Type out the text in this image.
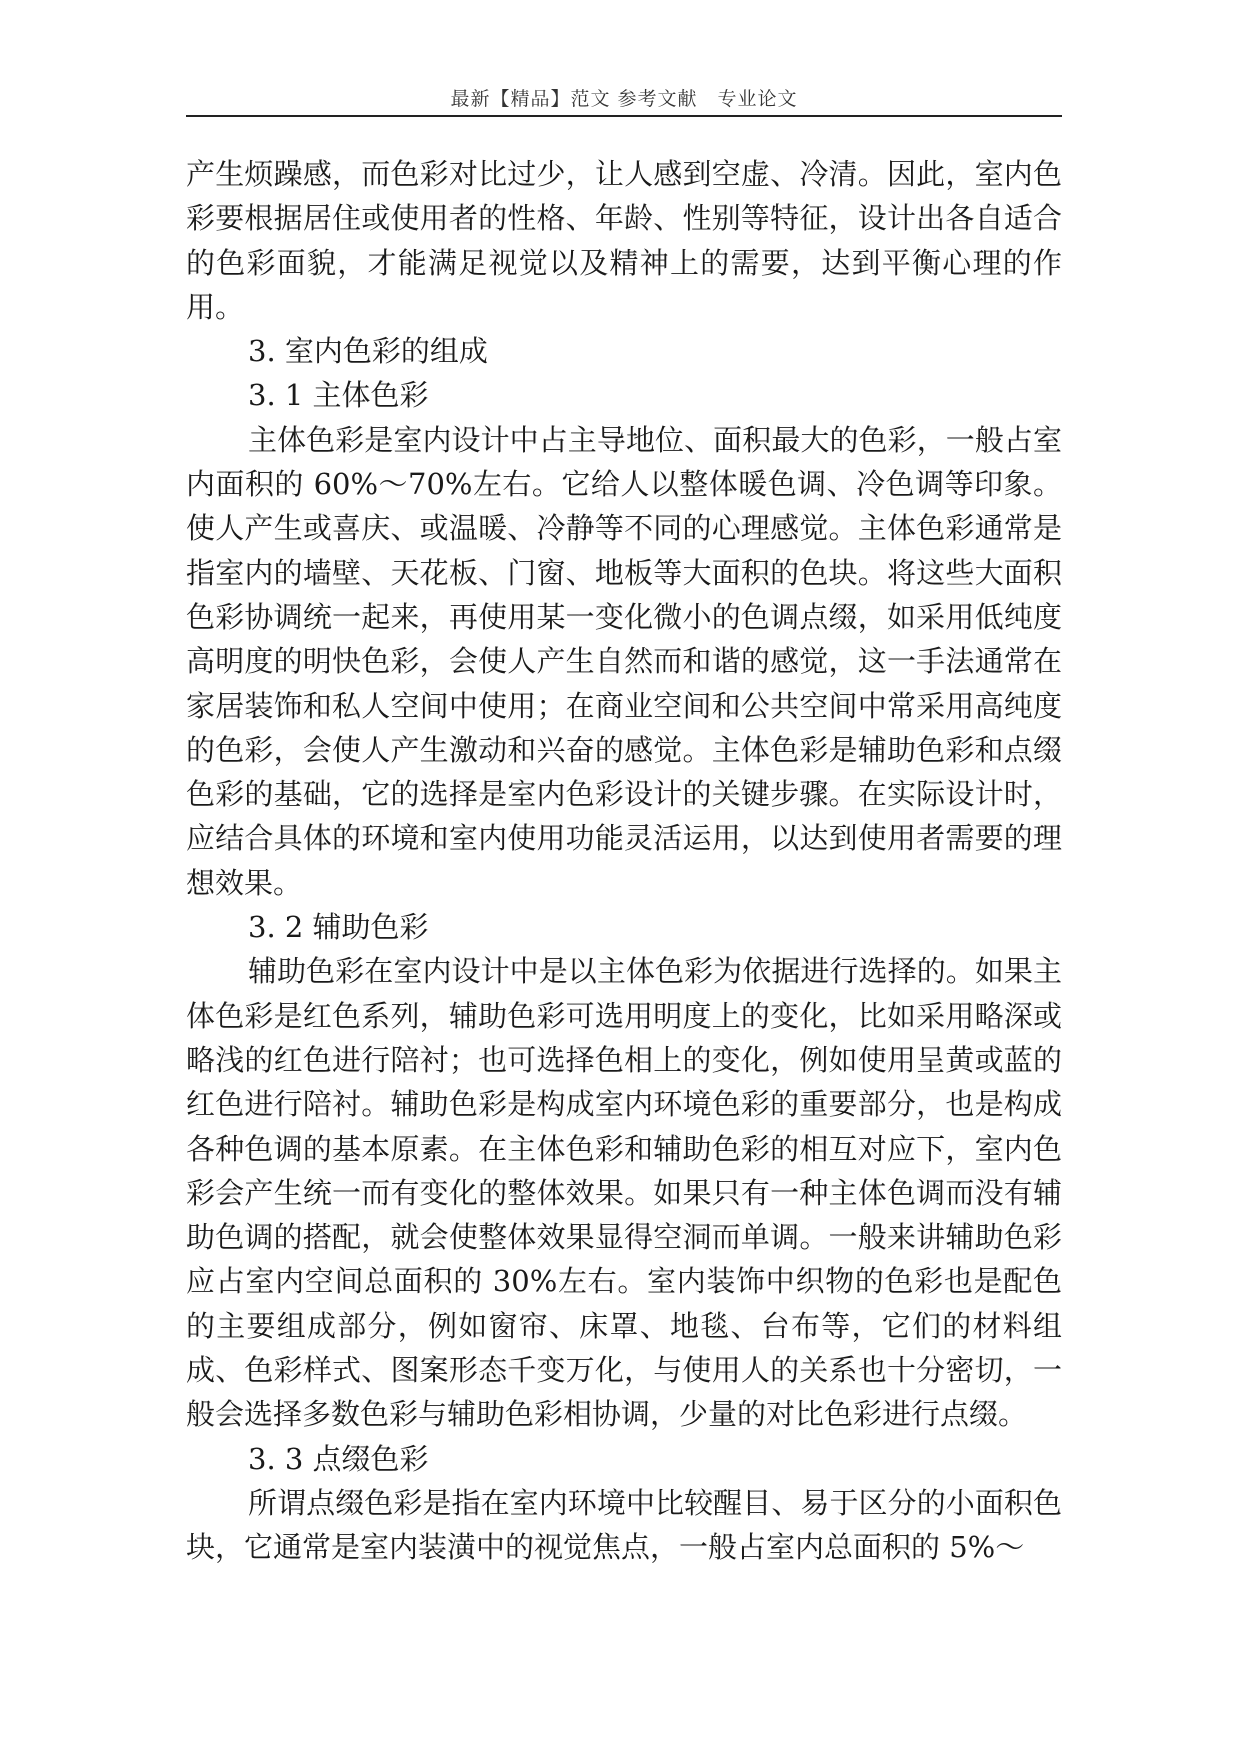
最新【精品】范文 参考文献　专业论文

产生烦躁感，而色彩对比过少，让人感到空虚、冷清。因此，室内色彩要根据居住或使用者的性格、年龄、性别等特征，设计出各自适合的色彩面貌，才能满足视觉以及精神上的需要，达到平衡心理的作用。

3. 室内色彩的组成

3. 1 主体色彩

主体色彩是室内设计中占主导地位、面积最大的色彩，一般占室内面积的 60%～70%左右。它给人以整体暖色调、冷色调等印象。使人产生或喜庆、或温暖、冷静等不同的心理感觉。主体色彩通常是指室内的墙壁、天花板、门窗、地板等大面积的色块。将这些大面积色彩协调统一起来，再使用某一变化微小的色调点缀，如采用低纯度高明度的明快色彩，会使人产生自然而和谐的感觉，这一手法通常在家居装饰和私人空间中使用；在商业空间和公共空间中常采用高纯度的色彩，会使人产生激动和兴奋的感觉。主体色彩是辅助色彩和点缀色彩的基础，它的选择是室内色彩设计的关键步骤。在实际设计时，应结合具体的环境和室内使用功能灵活运用，以达到使用者需要的理想效果。

3. 2 辅助色彩

辅助色彩在室内设计中是以主体色彩为依据进行选择的。如果主体色彩是红色系列，辅助色彩可选用明度上的变化，比如采用略深或略浅的红色进行陪衬；也可选择色相上的变化，例如使用呈黄或蓝的红色进行陪衬。辅助色彩是构成室内环境色彩的重要部分，也是构成各种色调的基本原素。在主体色彩和辅助色彩的相互对应下，室内色彩会产生统一而有变化的整体效果。如果只有一种主体色调而没有辅助色调的搭配，就会使整体效果显得空洞而单调。一般来讲辅助色彩应占室内空间总面积的 30%左右。室内装饰中织物的色彩也是配色的主要组成部分，例如窗帘、床罩、地毯、台布等，它们的材料组成、色彩样式、图案形态千变万化，与使用人的关系也十分密切，一般会选择多数色彩与辅助色彩相协调，少量的对比色彩进行点缀。

3. 3 点缀色彩

所谓点缀色彩是指在室内环境中比较醒目、易于区分的小面积色块，它通常是室内装潢中的视觉焦点，一般占室内总面积的 5%～
